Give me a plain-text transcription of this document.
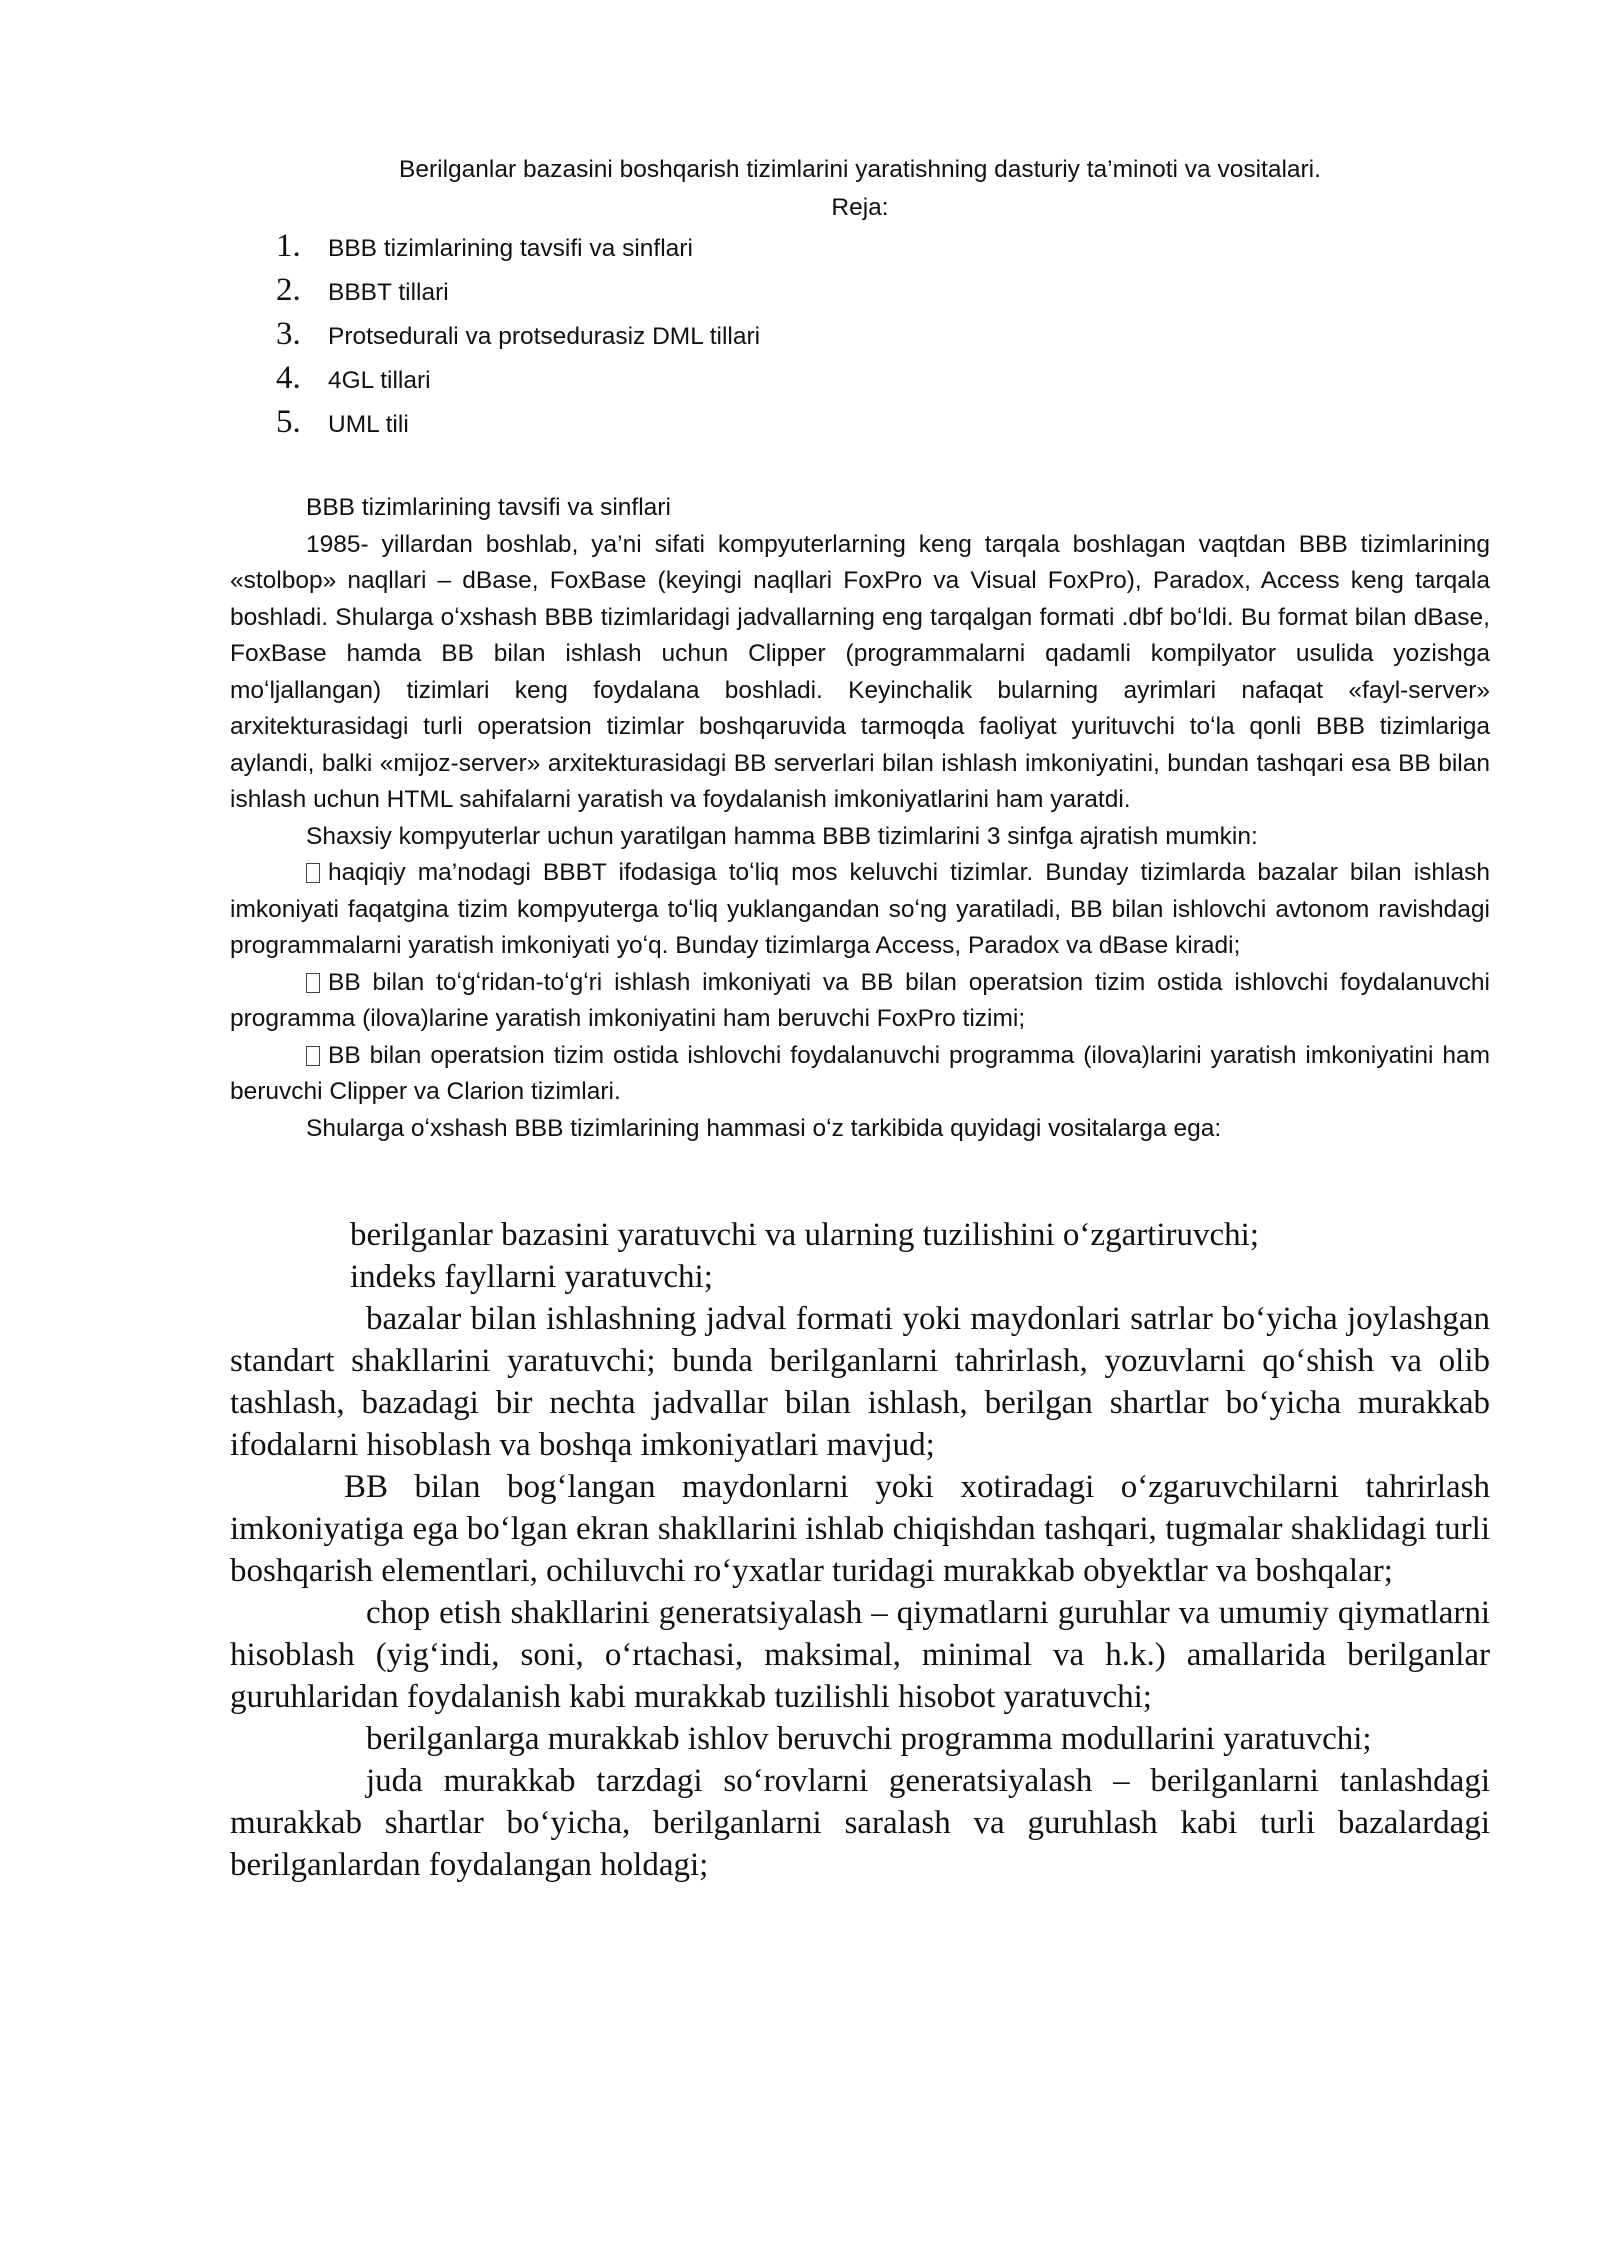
Berilganlar bazasini boshqarish tizimlarini yaratishning dasturiy ta’minoti va vositalari.
Reja:
1.	BBB tizimlarining tavsifi va sinflari
2.	BBBT tillari
3.	Protsedurali va protsedurasiz DML tillari
4.	4GL tillari
5.	UML tili

BBB tizimlarining tavsifi va sinflari

1985- yillardan boshlab, ya’ni sifati kompyuterlarning keng tarqala boshlagan vaqtdan BBB tizimlarining «stolbop» naqllari – dBase, FoxBase (keyingi naqllari FoxPro va Visual FoxPro), Paradox, Access keng tarqala boshladi. Shularga oʻxshash BBB tizimlaridagi jadvallarning eng tarqalgan formati .dbf boʻldi. Bu format bilan dBase, FoxBase hamda BB bilan ishlash uchun Clipper (programmalarni qadamli kompilyator usulida yozishga moʻljallangan) tizimlari keng foydalana boshladi. Keyinchalik bularning ayrimlari nafaqat «fayl-server» arxitekturasidagi turli operatsion tizimlar boshqaruvida tarmoqda faoliyat yurituvchi toʻla qonli BBB tizimlariga aylandi, balki «mijoz-server» arxitekturasidagi BB serverlari bilan ishlash imkoniyatini, bundan tashqari esa BB bilan ishlash uchun HTML sahifalarni yaratish va foydalanish imkoniyatlarini ham yaratdi.

Shaxsiy kompyuterlar uchun yaratilgan hamma BBB tizimlarini 3 sinfga ajratish mumkin:

haqiqiy ma’nodagi BBBT ifodasiga toʻliq mos keluvchi tizimlar. Bunday tizimlarda bazalar bilan ishlash imkoniyati faqatgina tizim kompyuterga toʻliq yuklangandan soʻng yaratiladi, BB bilan ishlovchi avtonom ravishdagi programmalarni yaratish imkoniyati yoʻq. Bunday tizimlarga Access, Paradox va dBase kiradi;

BB bilan toʻgʻridan-toʻgʻri ishlash imkoniyati va BB bilan operatsion tizim ostida ishlovchi foydalanuvchi programma (ilova)larine yaratish imkoniyatini ham beruvchi FoxPro tizimi;

BB bilan operatsion tizim ostida ishlovchi foydalanuvchi programma (ilova)larini yaratish imkoniyatini ham beruvchi Clipper va Clarion tizimlari.

Shularga oʻxshash BBB tizimlarining hammasi oʻz tarkibida quyidagi vositalarga ega:

berilganlar bazasini yaratuvchi va ularning tuzilishini oʻzgartiruvchi;

indeks fayllarni yaratuvchi;

bazalar bilan ishlashning jadval formati yoki maydonlari satrlar boʻyicha joylashgan standart shakllarini yaratuvchi; bunda berilganlarni tahrirlash, yozuvlarni qoʻshish va olib tashlash, bazadagi bir nechta jadvallar bilan ishlash, berilgan shartlar boʻyicha murakkab ifodalarni hisoblash va boshqa imkoniyatlari mavjud;

BB bilan bogʻlangan maydonlarni yoki xotiradagi oʻzgaruvchilarni tahrirlash imkoniyatiga ega boʻlgan ekran shakllarini ishlab chiqishdan tashqari, tugmalar shaklidagi turli boshqarish elementlari, ochiluvchi roʻyxatlar turidagi murakkab obyektlar va boshqalar;

chop etish shakllarini generatsiyalash – qiymatlarni guruhlar va umumiy qiymatlarni hisoblash (yigʻindi, soni, oʻrtachasi, maksimal, minimal va h.k.) amallarida berilganlar guruhlaridan foydalanish kabi murakkab tuzilishli hisobot yaratuvchi;

berilganlarga murakkab ishlov beruvchi programma modullarini yaratuvchi;

juda murakkab tarzdagi soʻrovlarni generatsiyalash – berilganlarni tanlashdagi murakkab shartlar boʻyicha, berilganlarni saralash va guruhlash kabi turli bazalardagi berilganlardan foydalangan holdagi;
